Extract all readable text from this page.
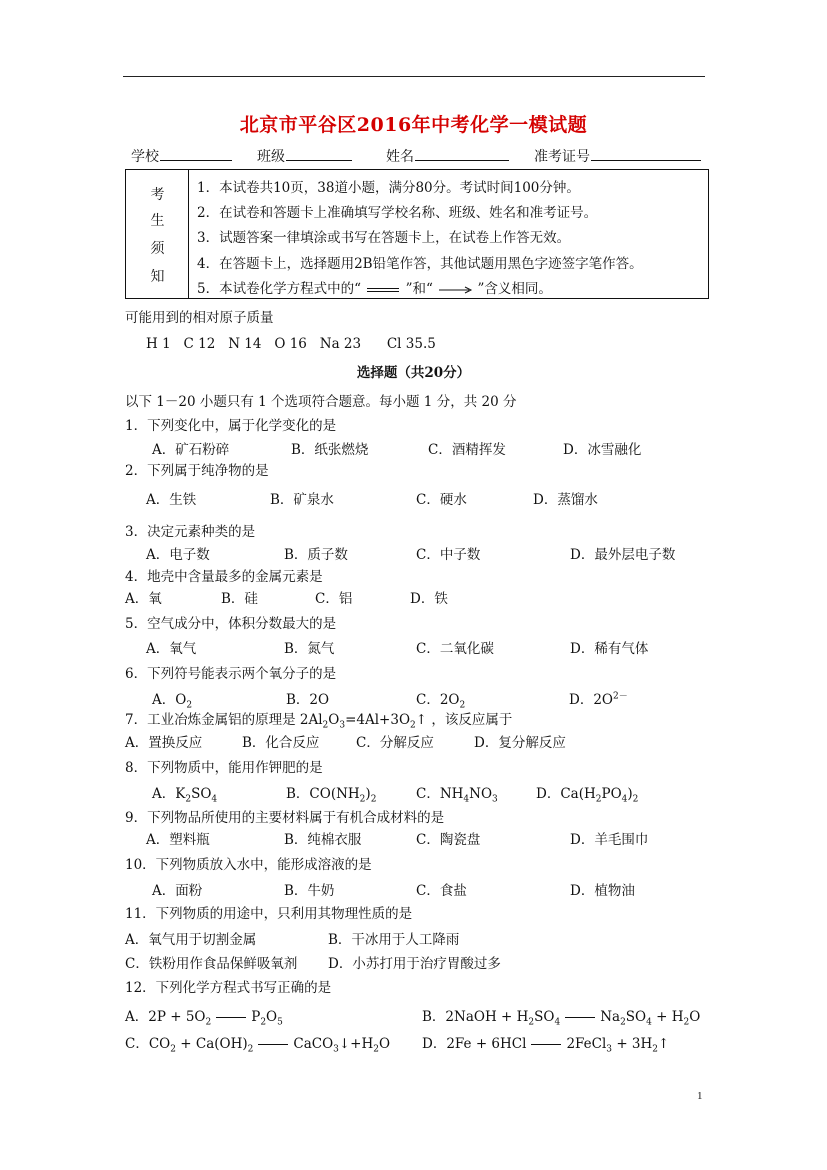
北京市平谷区2016年中考化学一模试题
学校	班级	姓名	准考证号
考
生
须
知
1．本试卷共10页，38道小题，满分80分。考试时间100分钟。
2．在试卷和答题卡上准确填写学校名称、班级、姓名和准考证号。
3．试题答案一律填涂或书写在答题卡上，在试卷上作答无效。
4．在答题卡上，选择题用2B铅笔作答，其他试题用黑色字迹签字笔作答。
5．本试卷化学方程式中的“	”和“	”含义相同。
可能用到的相对原子质量
H 1   C 12   N 14   O 16   Na 23      Cl 35.5
选择题（共20分）
以下 1－20 小题只有 1 个选项符合题意。每小题 1 分，共 20 分
1．下列变化中，属于化学变化的是
A．矿石粉碎	B．纸张燃烧	C．酒精挥发	D．冰雪融化
2．下列属于纯净物的是
A．生铁	B．矿泉水	C．硬水	D．蒸馏水
3．决定元素种类的是
A．电子数	B．质子数	C．中子数	D．最外层电子数
4．地壳中含量最多的金属元素是
A．氧	B．硅	C．铝	D．铁
5．空气成分中，体积分数最大的是
A．氧气	B．氮气	C．二氧化碳	D．稀有气体
6．下列符号能表示两个氧分子的是
A．$O_2$	B．2O	C．$2O_2$	D．$2O^{2-}$
7．工业冶炼金属铝的原理是 $2Al_2O_3=4Al+3O_2↑$ ，该反应属于
A．置换反应	B．化合反应	C．分解反应	D．复分解反应
8．下列物质中，能用作钾肥的是
A．$K_2SO_4$	B．$CO(NH_2)_2$	C．$NH_4NO_3$	D．$Ca(H_2PO_4)_2$
9．下列物品所使用的主要材料属于有机合成材料的是
A．塑料瓶	B．纯棉衣服	C．陶瓷盘	D．羊毛围巾
10．下列物质放入水中，能形成溶液的是
A．面粉	B．牛奶	C．食盐	D．植物油
11．下列物质的用途中，只利用其物理性质的是
A．氧气用于切割金属	B．干冰用于人工降雨
C．铁粉用作食品保鲜吸氧剂 D．小苏打用于治疗胃酸过多
12．下列化学方程式书写正确的是
A．$2P + 5O_2$	$P_2O_5$	B．2NaOH + $H_2SO_4$	$Na_2SO_4 + H_2O$
C．$CO_2 + Ca(OH)_2$	$CaCO_3↓+H_2O$ D．2Fe + 6HCl	2FeCl$_3$ + $3H_2↑$
1
